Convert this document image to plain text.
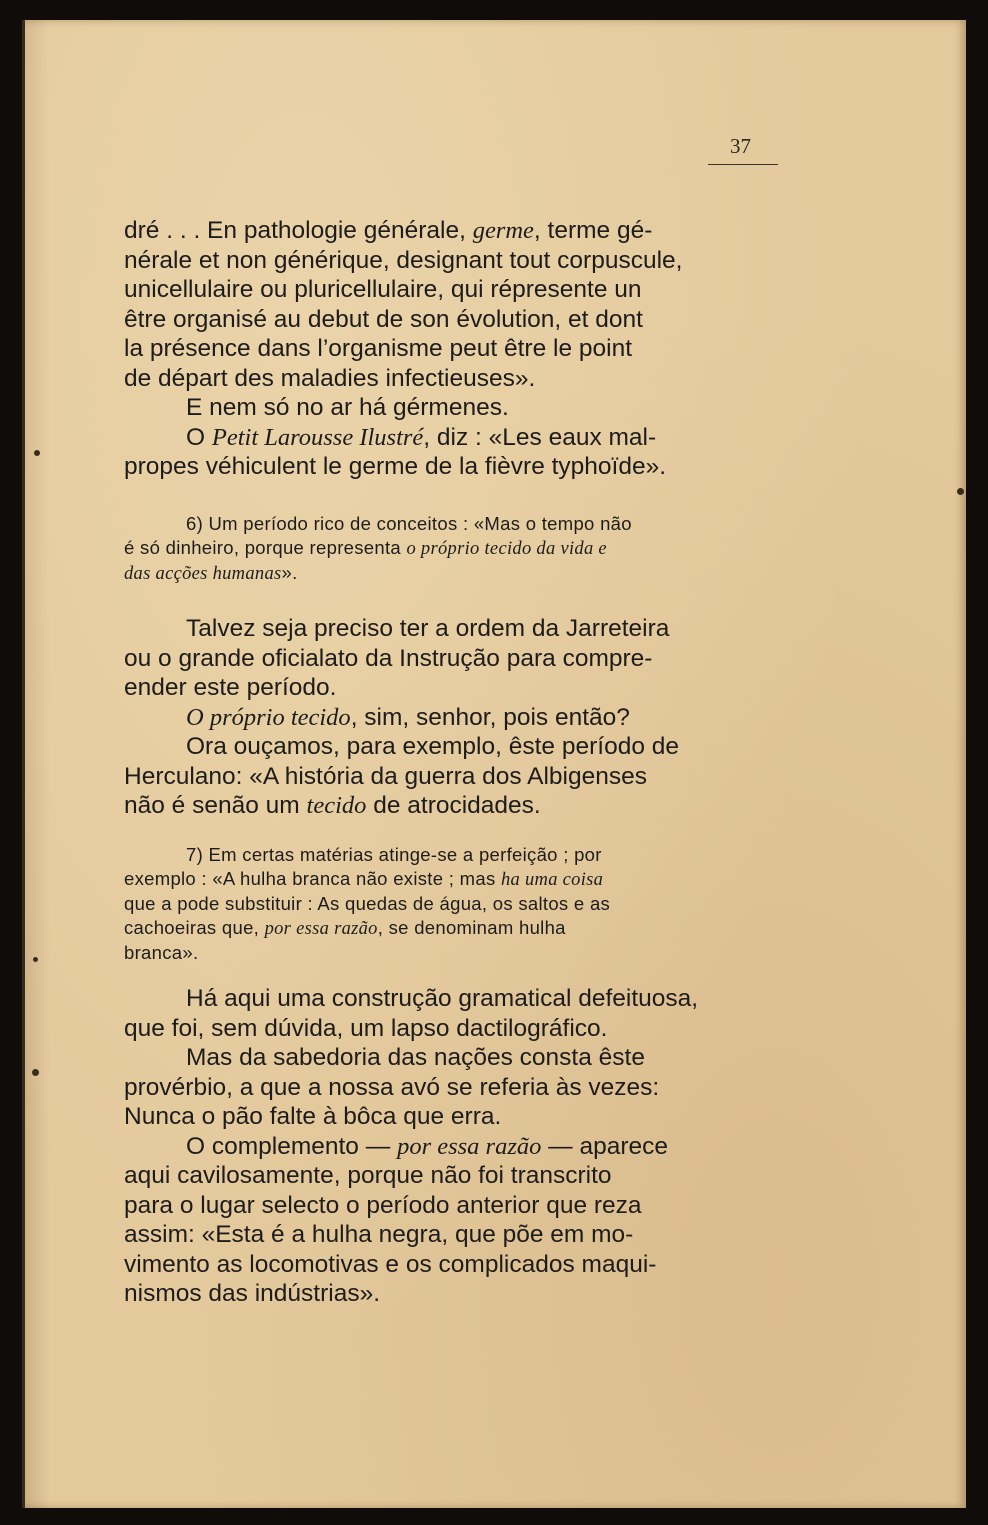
37

dré . . . En pathologie générale, germe, terme gé-

nérale et non générique, designant tout corpuscule,

unicellulaire ou pluricellulaire, qui répresente un

être organisé au debut de son évolution, et dont

la présence dans l’organisme peut être le point

de départ des maladies infectieuses».

E nem só no ar há gérmenes.

O Petit Larousse Ilustré, diz : «Les eaux mal-

propes véhiculent le germe de la fièvre typhoïde».

6) Um período rico de conceitos : «Mas o tempo não

é só dinheiro, porque representa o próprio tecido da vida e

das acções humanas».

Talvez seja preciso ter a ordem da Jarreteira

ou o grande oficialato da Instrução para compre-

ender este período.

O próprio tecido, sim, senhor, pois então?

Ora ouçamos, para exemplo, êste período de

Herculano: «A história da guerra dos Albigenses

não é senão um tecido de atrocidades.

7) Em certas matérias atinge-se a perfeição ; por

exemplo : «A hulha branca não existe ; mas ha uma coisa

que a pode substituir : As quedas de água, os saltos e as

cachoeiras que, por essa razão, se denominam hulha

branca».

Há aqui uma construção gramatical defeituosa,

que foi, sem dúvida, um lapso dactilográfico.

Mas da sabedoria das nações consta êste

provérbio, a que a nossa avó se referia às vezes:

Nunca o pão falte à bôca que erra.

O complemento — por essa razão — aparece

aqui cavilosamente, porque não foi transcrito

para o lugar selecto o período anterior que reza

assim: «Esta é a hulha negra, que põe em mo-

vimento as locomotivas e os complicados maqui-

nismos das indústrias».
